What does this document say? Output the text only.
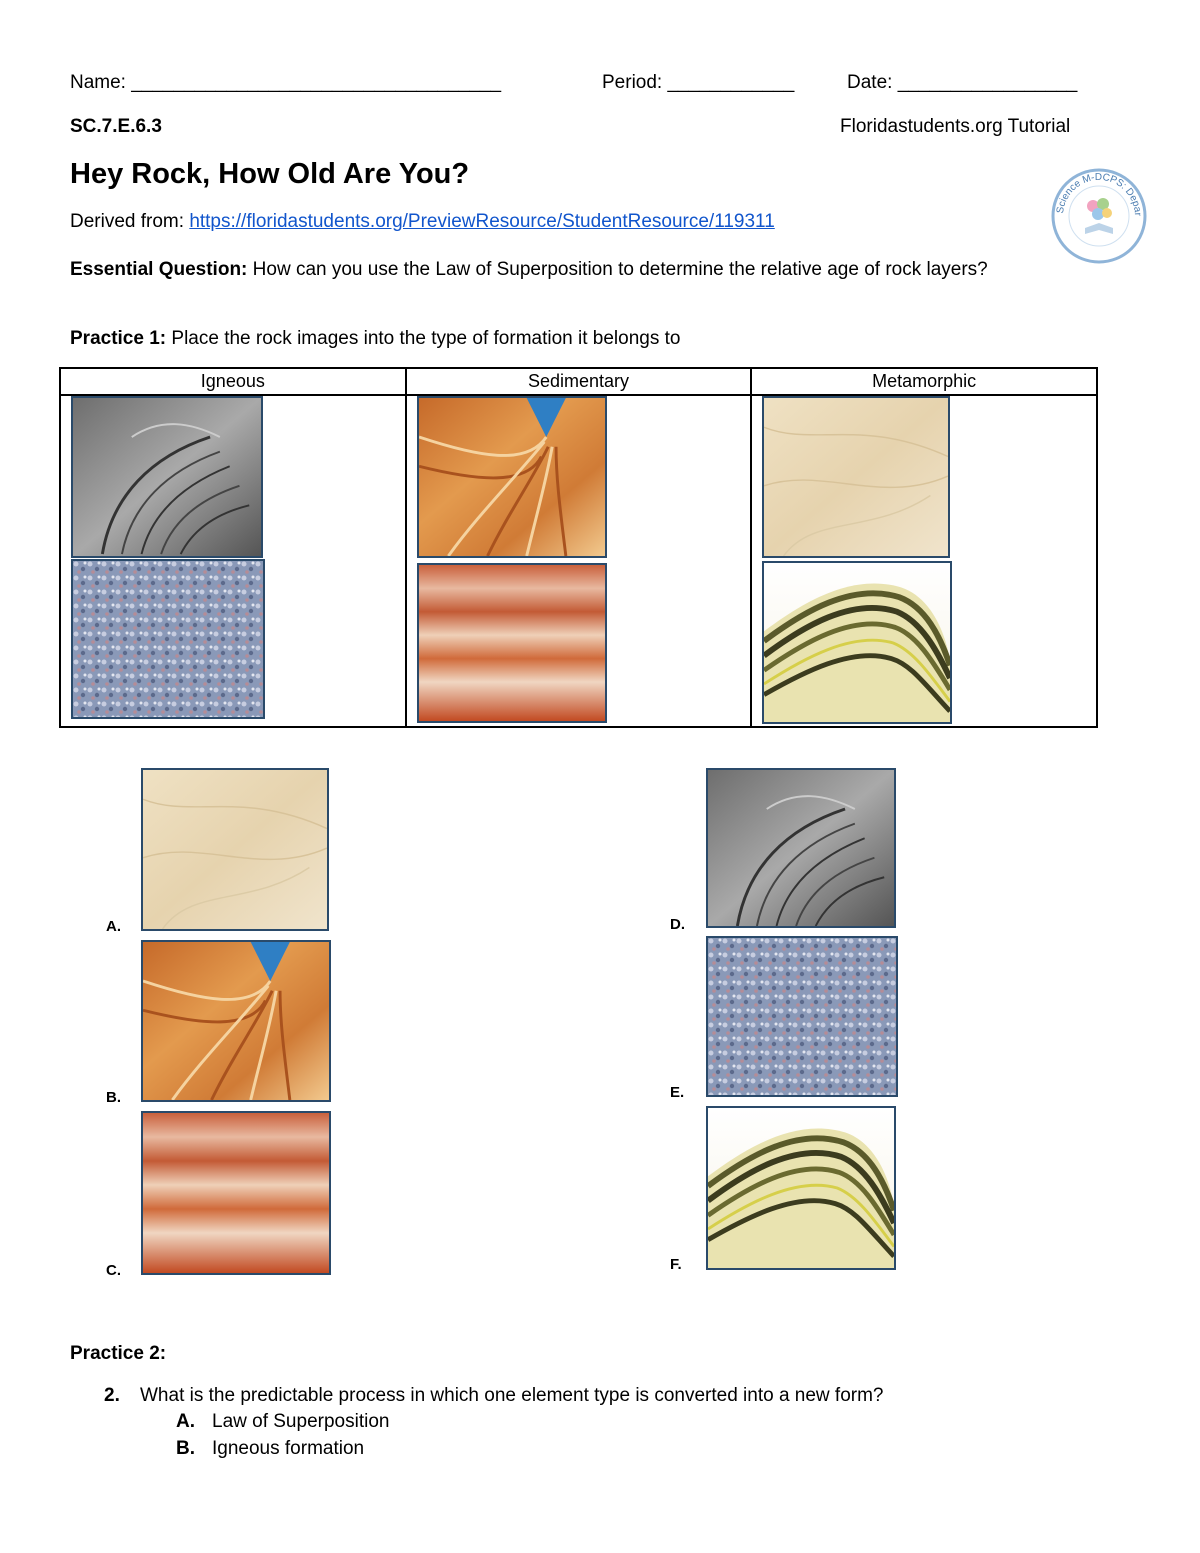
Name: ___________________________________	Period: ____________	Date: _________________
SC.7.E.6.3	Floridastudents.org Tutorial
Hey Rock, How Old Are You?
Derived from: https://floridastudents.org/PreviewResource/StudentResource/119311
Essential Question: How can you use the Law of Superposition to determine the relative age of rock layers?
Science M-DCPS: Depar
Practice 1: Place the rock images into the type of formation it belongs to
Igneous	Sedimentary	Metamorphic

A.
B.
C.
D.
E.
F.
Practice 2:
2. What is the predictable process in which one element type is converted into a new form?
A. Law of Superposition
B. Igneous formation
